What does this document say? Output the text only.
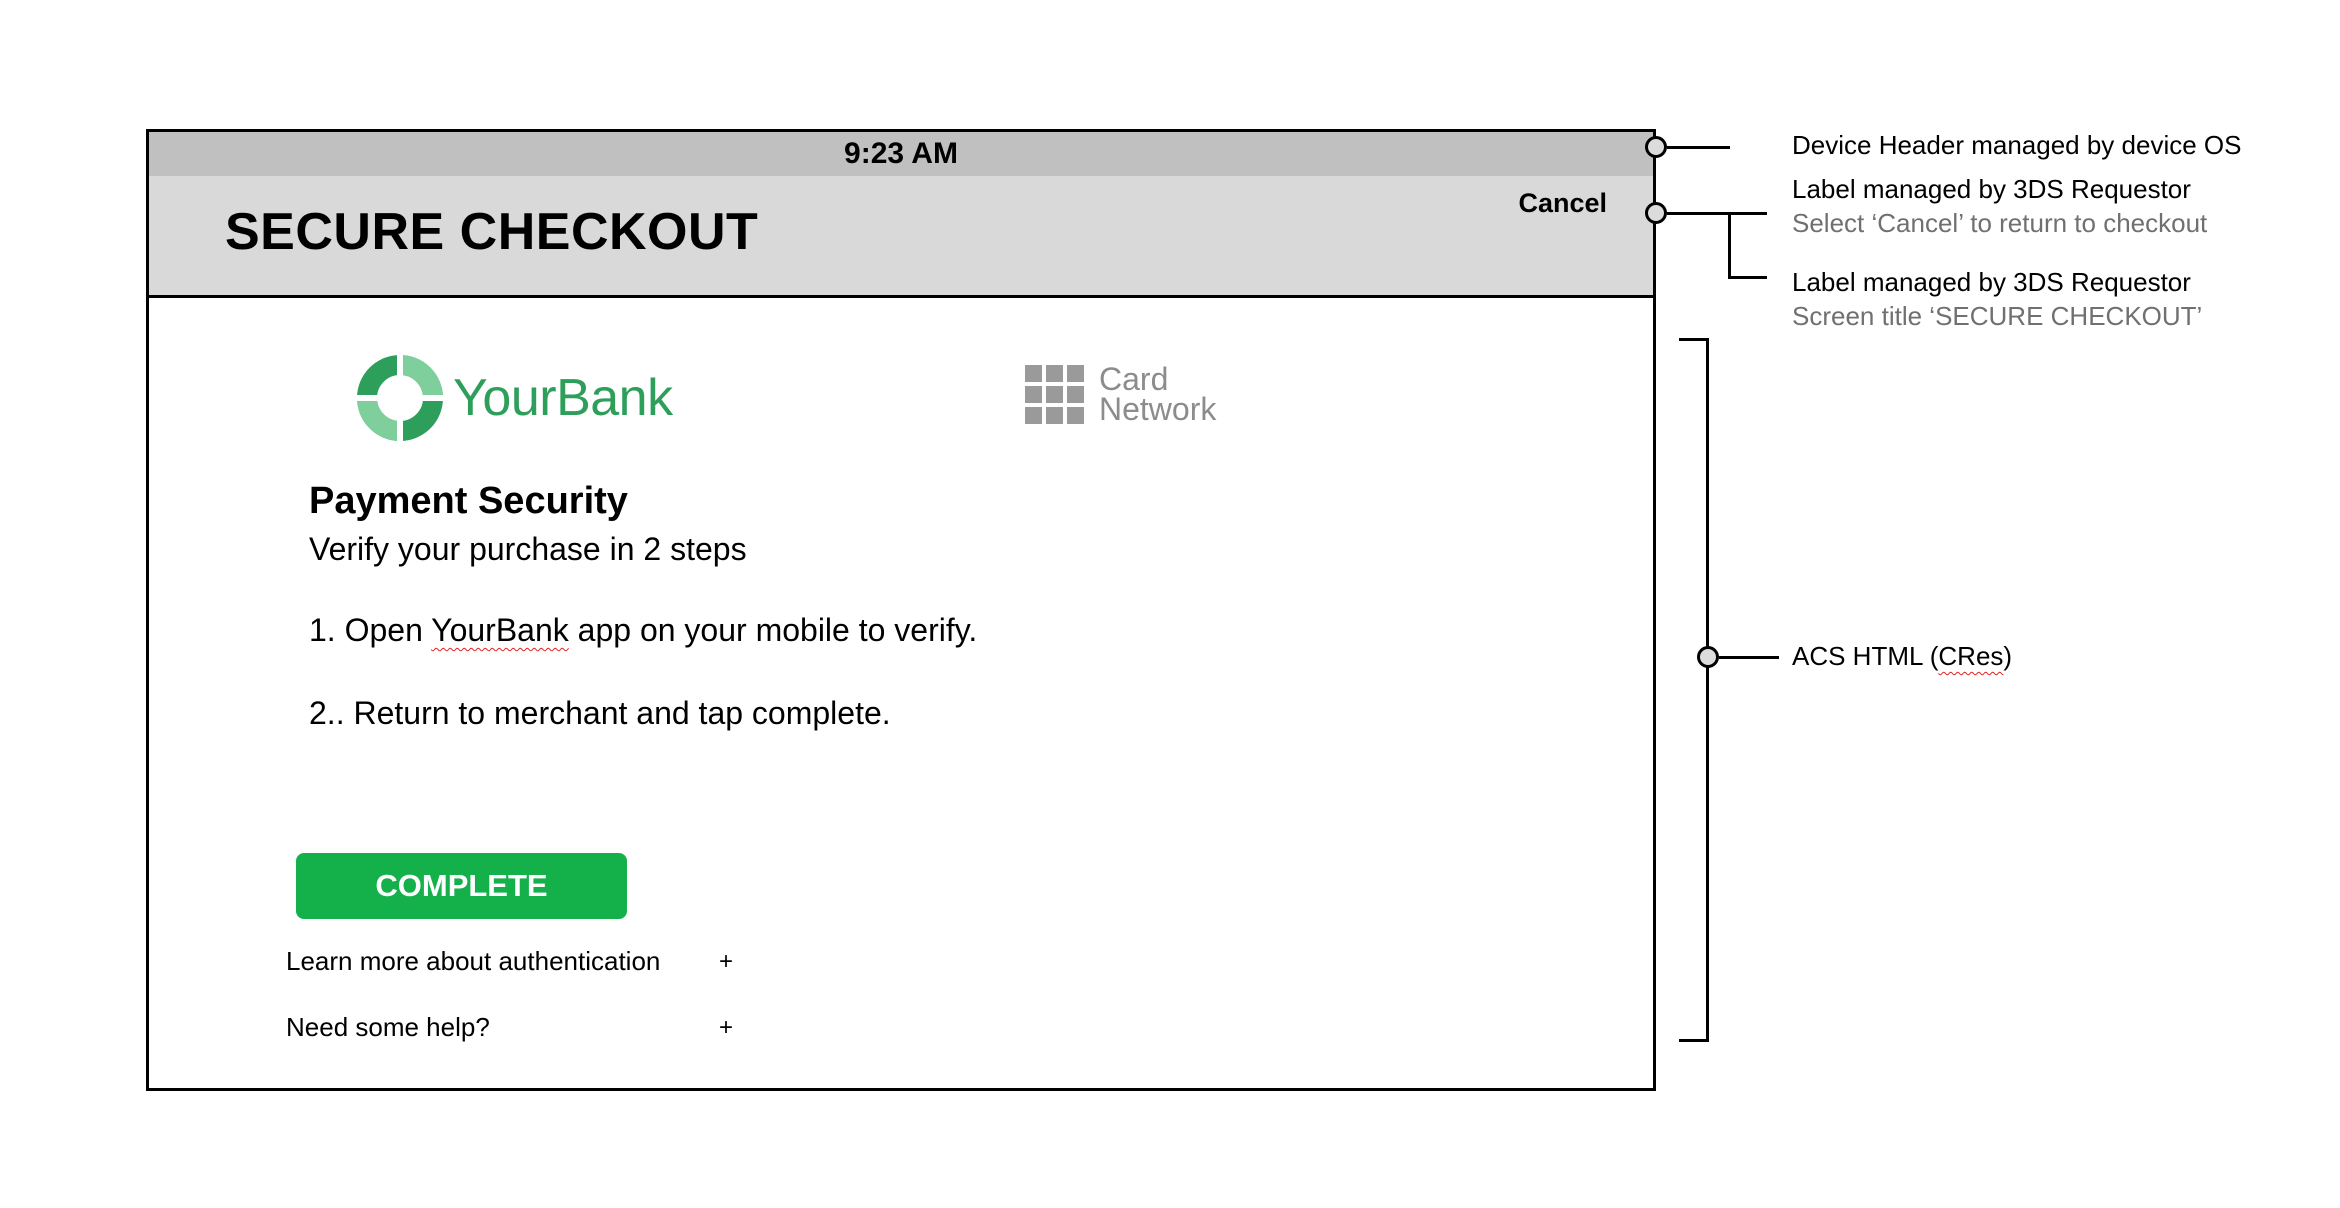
9:23 AM
SECURE CHECKOUT	Cancel
YourBank	Card
Network
Payment Security
Verify your purchase in 2 steps
1. Open YourBank app on your mobile to verify.
2.. Return to merchant and tap complete.
COMPLETE
Learn more about authentication	+
Need some help?	+
Device Header managed by device OS
Label managed by 3DS Requestor
Select ‘Cancel’ to return to checkout
Label managed by 3DS Requestor
Screen title ‘SECURE CHECKOUT’
ACS HTML (CRes)
